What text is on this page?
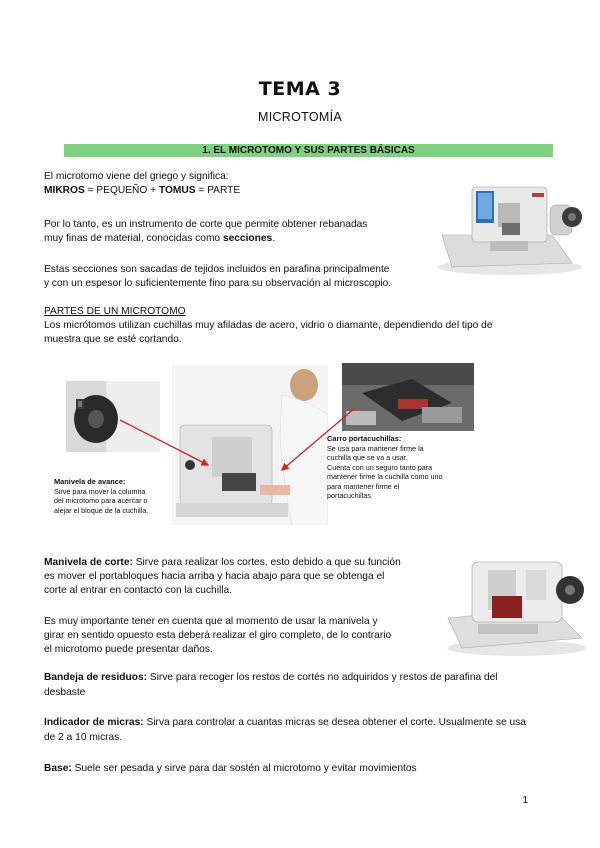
TEMA 3
MICROTOMÍA
1. EL MICROTOMO Y SUS PARTES BÁSICAS

El microtomo viene del griego y significa:

MIKROS = PEQUEÑO + TOMUS = PARTE

Por lo tanto, es un instrumento de corte que permite obtener rebanadas

muy finas de material, conocidas como secciones.

Estas secciones son sacadas de tejidos incluidos en parafina principalmente

y con un espesor lo suficientemente fino para su observación al microscopio.

PARTES DE UN MICROTOMO

Los micrótomos utilizan cuchillas muy afiladas de acero, vidrio o diamante, dependiendo del tipo de

muestra que se esté cortando.

Manivela de avance:
Sirve para mover la columna
del microtomo para acercar o
alejar el bloque de la cuchilla.
Carro portacuchillas:
Se usa para mantener firme la
cuchilla que se va a usar.
Cuenta con un seguro tanto para
mantener firme la cuchilla como uno
para mantener firme el
portacuchillas

Manivela de corte: Sirve para realizar los cortes, esto debido a que su función

es mover el portabloques hacia arriba y hacia abajo para que se obtenga el

corte al entrar en contacto con la cuchilla.

Es muy importante tener en cuenta que al momento de usar la manivela y

girar en sentido opuesto esta deberá realizar el giro completo, de lo contrario

el microtomo puede presentar daños.

Bandeja de residuos: Sirve para recoger los restos de cortés no adquiridos y restos de parafina del

desbaste

Indicador de micras: Sirva para controlar a cuantas micras se desea obtener el corte. Usualmente se usa

de 2 a 10 micras.

Base: Suele ser pesada y sirve para dar sostén al microtomo y evitar movimientos

1
